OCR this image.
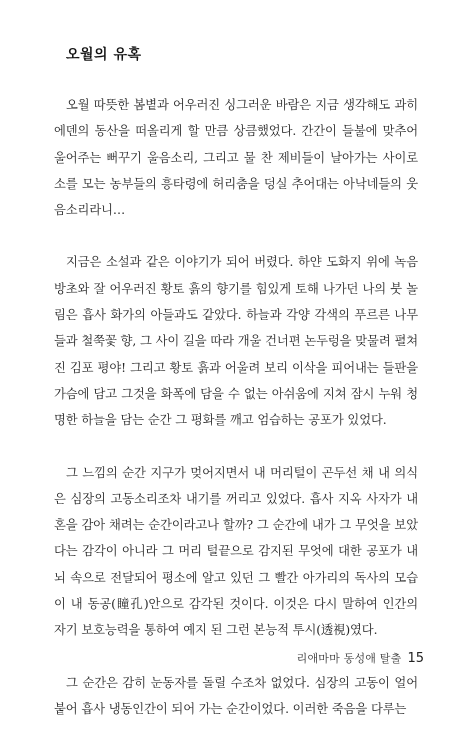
오월의 유혹

오월 따뜻한 봄볕과 어우러진 싱그러운 바람은 지금 생각해도 과히 에덴의 동산을 떠올리게 할 만큼 상큼했었다. 간간이 들불에 맞추어 울어주는 뻐꾸기 울음소리, 그리고 물 찬 제비들이 날아가는 사이로 소를 모는 농부들의 흥타령에 허리춤을 덩실 추어대는 아낙네들의 웃음소리라니…

지금은 소설과 같은 이야기가 되어 버렸다. 하얀 도화지 위에 녹음방초와 잘 어우러진 황토 흙의 향기를 힘있게 토해 나가던 나의 붓 놀림은 흡사 화가의 아들과도 같았다. 하늘과 각양 각색의 푸르른 나무들과 철쭉꽃 향, 그 사이 길을 따라 개울 건너편 논두렁을 맞물려 펼쳐진 김포 평야! 그리고 황토 흙과 어울려 보리 이삭을 피어내는 들판을 가슴에 담고 그것을 화폭에 담을 수 없는 아쉬움에 지쳐 잠시 누워 청명한 하늘을 담는 순간 그 평화를 깨고 엄습하는 공포가 있었다.

그 느낌의 순간 지구가 멎어지면서 내 머리털이 곤두선 채 내 의식은 심장의 고동소리조차 내기를 꺼리고 있었다. 흡사 지옥 사자가 내 혼을 감아 채려는 순간이라고나 할까? 그 순간에 내가 그 무엇을 보았다는 감각이 아니라 그 머리 털끝으로 감지된 무엇에 대한 공포가 내 뇌 속으로 전달되어 평소에 알고 있던 그 빨간 아가리의 독사의 모습이 내 동공(瞳孔)안으로 감각된 것이다. 이것은 다시 말하여 인간의 자기 보호능력을 통하여 예지 된 그런 본능적 투시(透視)였다.

그 순간은 감히 눈동자를 돌릴 수조차 없었다. 심장의 고동이 얼어붙어 흡사 냉동인간이 되어 가는 순간이었다. 이러한 죽음을 다루는

리애마마 동성애 탈출 15
